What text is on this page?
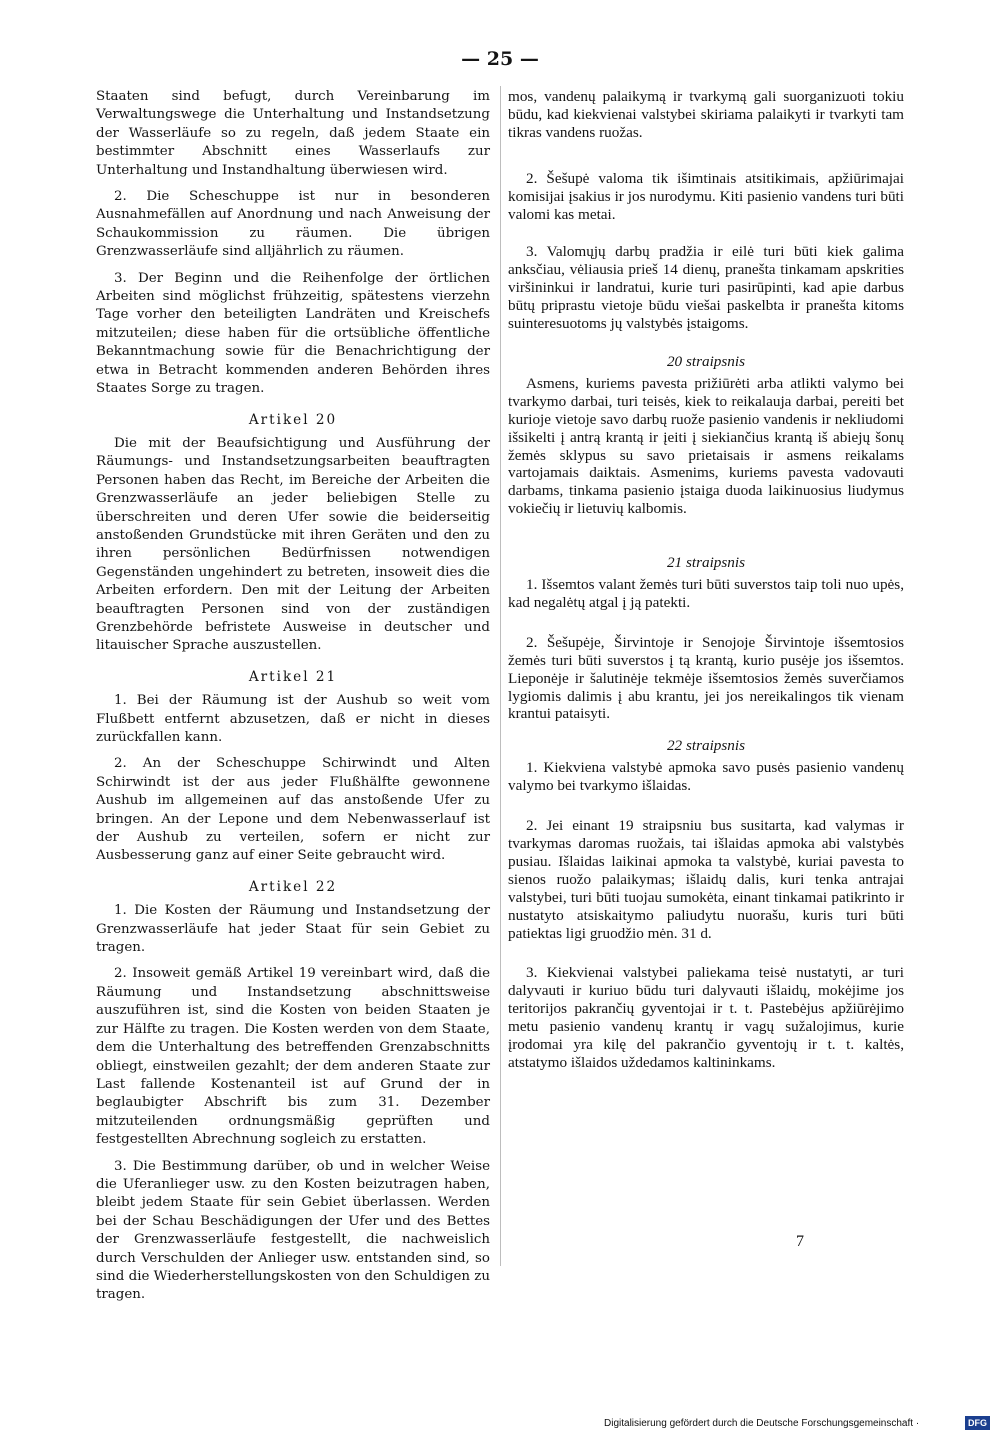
— 25 —

Staaten sind befugt, durch Vereinbarung im Verwaltungswege die Unterhaltung und Instandsetzung der Wasserläufe so zu regeln, daß jedem Staate ein bestimmter Abschnitt eines Wasserlaufs zur Unterhaltung und Instandhaltung überwiesen wird.

2. Die Scheschuppe ist nur in besonderen Ausnahmefällen auf Anordnung und nach Anweisung der Schaukommission zu räumen. Die übrigen Grenzwasserläufe sind alljährlich zu räumen.

3. Der Beginn und die Reihenfolge der örtlichen Arbeiten sind möglichst frühzeitig, spätestens vierzehn Tage vorher den beteiligten Landräten und Kreischefs mitzuteilen; diese haben für die ortsübliche öffentliche Bekanntmachung sowie für die Benachrichtigung der etwa in Betracht kommenden anderen Behörden ihres Staates Sorge zu tragen.

Artikel 20

Die mit der Beaufsichtigung und Ausführung der Räumungs- und Instandsetzungsarbeiten beauftragten Personen haben das Recht, im Bereiche der Arbeiten die Grenzwasserläufe an jeder beliebigen Stelle zu überschreiten und deren Ufer sowie die beiderseitig anstoßenden Grundstücke mit ihren Geräten und den zu ihren persönlichen Bedürfnissen notwendigen Gegenständen ungehindert zu betreten, insoweit dies die Arbeiten erfordern. Den mit der Leitung der Arbeiten beauftragten Personen sind von der zuständigen Grenzbehörde befristete Ausweise in deutscher und litauischer Sprache auszustellen.

Artikel 21

1. Bei der Räumung ist der Aushub so weit vom Flußbett entfernt abzusetzen, daß er nicht in dieses zurückfallen kann.

2. An der Scheschuppe Schirwindt und Alten Schirwindt ist der aus jeder Flußhälfte gewonnene Aushub im allgemeinen auf das anstoßende Ufer zu bringen. An der Lepone und dem Nebenwasserlauf ist der Aushub zu verteilen, sofern er nicht zur Ausbesserung ganz auf einer Seite gebraucht wird.

Artikel 22

1. Die Kosten der Räumung und Instandsetzung der Grenzwasserläufe hat jeder Staat für sein Gebiet zu tragen.

2. Insoweit gemäß Artikel 19 vereinbart wird, daß die Räumung und Instandsetzung abschnittsweise auszuführen ist, sind die Kosten von beiden Staaten je zur Hälfte zu tragen. Die Kosten werden von dem Staate, dem die Unterhaltung des betreffenden Grenzabschnitts obliegt, einstweilen gezahlt; der dem anderen Staate zur Last fallende Kostenanteil ist auf Grund der in beglaubigter Abschrift bis zum 31. Dezember mitzuteilenden ordnungsmäßig geprüften und festgestellten Abrechnung sogleich zu erstatten.

3. Die Bestimmung darüber, ob und in welcher Weise die Uferanlieger usw. zu den Kosten beizutragen haben, bleibt jedem Staate für sein Gebiet überlassen. Werden bei der Schau Beschädigungen der Ufer und des Bettes der Grenzwasserläufe festgestellt, die nachweislich durch Verschulden der Anlieger usw. entstanden sind, so sind die Wiederherstellungskosten von den Schuldigen zu tragen.

mos, vandenų palaikymą ir tvarkymą gali suorganizuoti tokiu būdu, kad kiekvienai valstybei skiriama palaikyti ir tvarkyti tam tikras vandens ruožas.

2. Šešupė valoma tik išimtinais atsitikimais, apžiūrimajai komisijai įsakius ir jos nurodymu. Kiti pasienio vandens turi būti valomi kas metai.

3. Valomųjų darbų pradžia ir eilė turi būti kiek galima anksčiau, vėliausia prieš 14 dienų, pranešta tinkamam apskrities viršininkui ir landratui, kurie turi pasirūpinti, kad apie darbus būtų priprastu vietoje būdu viešai paskelbta ir pranešta kitoms suinteresuotoms jų valstybės įstaigoms.

20 straipsnis

Asmens, kuriems pavesta prižiūrėti arba atlikti valymo bei tvarkymo darbai, turi teisės, kiek to reikalauja darbai, pereiti bet kurioje vietoje savo darbų ruože pasienio vandenis ir nekliudomi išsikelti į antrą krantą ir įeiti į siekiančius krantą iš abiejų šonų žemės sklypus su savo prietaisais ir asmens reikalams vartojamais daiktais. Asmenims, kuriems pavesta vadovauti darbams, tinkama pasienio įstaiga duoda laikinuosius liudymus vokiečių ir lietuvių kalbomis.

21 straipsnis

1. Išsemtos valant žemės turi būti suverstos taip toli nuo upės, kad negalėtų atgal į ją patekti.

2. Šešupėje, Širvintoje ir Senojoje Širvintoje išsemtosios žemės turi būti suverstos į tą krantą, kurio pusėje jos išsemtos. Lieponėje ir šalutinėje tekmėje išsemtosios žemės suverčiamos lygiomis dalimis į abu krantu, jei jos nereikalingos tik vienam krantui pataisyti.

22 straipsnis

1. Kiekviena valstybė apmoka savo pusės pasienio vandenų valymo bei tvarkymo išlaidas.

2. Jei einant 19 straipsniu bus susitarta, kad valymas ir tvarkymas daromas ruožais, tai išlaidas apmoka abi valstybės pusiau. Išlaidas laikinai apmoka ta valstybė, kuriai pavesta to sienos ruožo palaikymas; išlaidų dalis, kuri tenka antrajai valstybei, turi būti tuojau sumokėta, einant tinkamai patikrinto ir nustatyto atsiskaitymo paliudytu nuorašu, kuris turi būti patiektas ligi gruodžio mėn. 31 d.

3. Kiekvienai valstybei paliekama teisė nustatyti, ar turi dalyvauti ir kuriuo būdu turi dalyvauti išlaidų, mokėjime jos teritorijos pakrančių gyventojai ir t. t. Pastebėjus apžiūrėjimo metu pasienio vandenų krantų ir vagų sužalojimus, kurie įrodomai yra kilę del pakrančio gyventojų ir t. t. kaltės, atstatymo išlaidos uždedamos kaltininkams.

7
Digitalisierung gefördert durch die Deutsche Forschungsgemeinschaft ·	DFG
